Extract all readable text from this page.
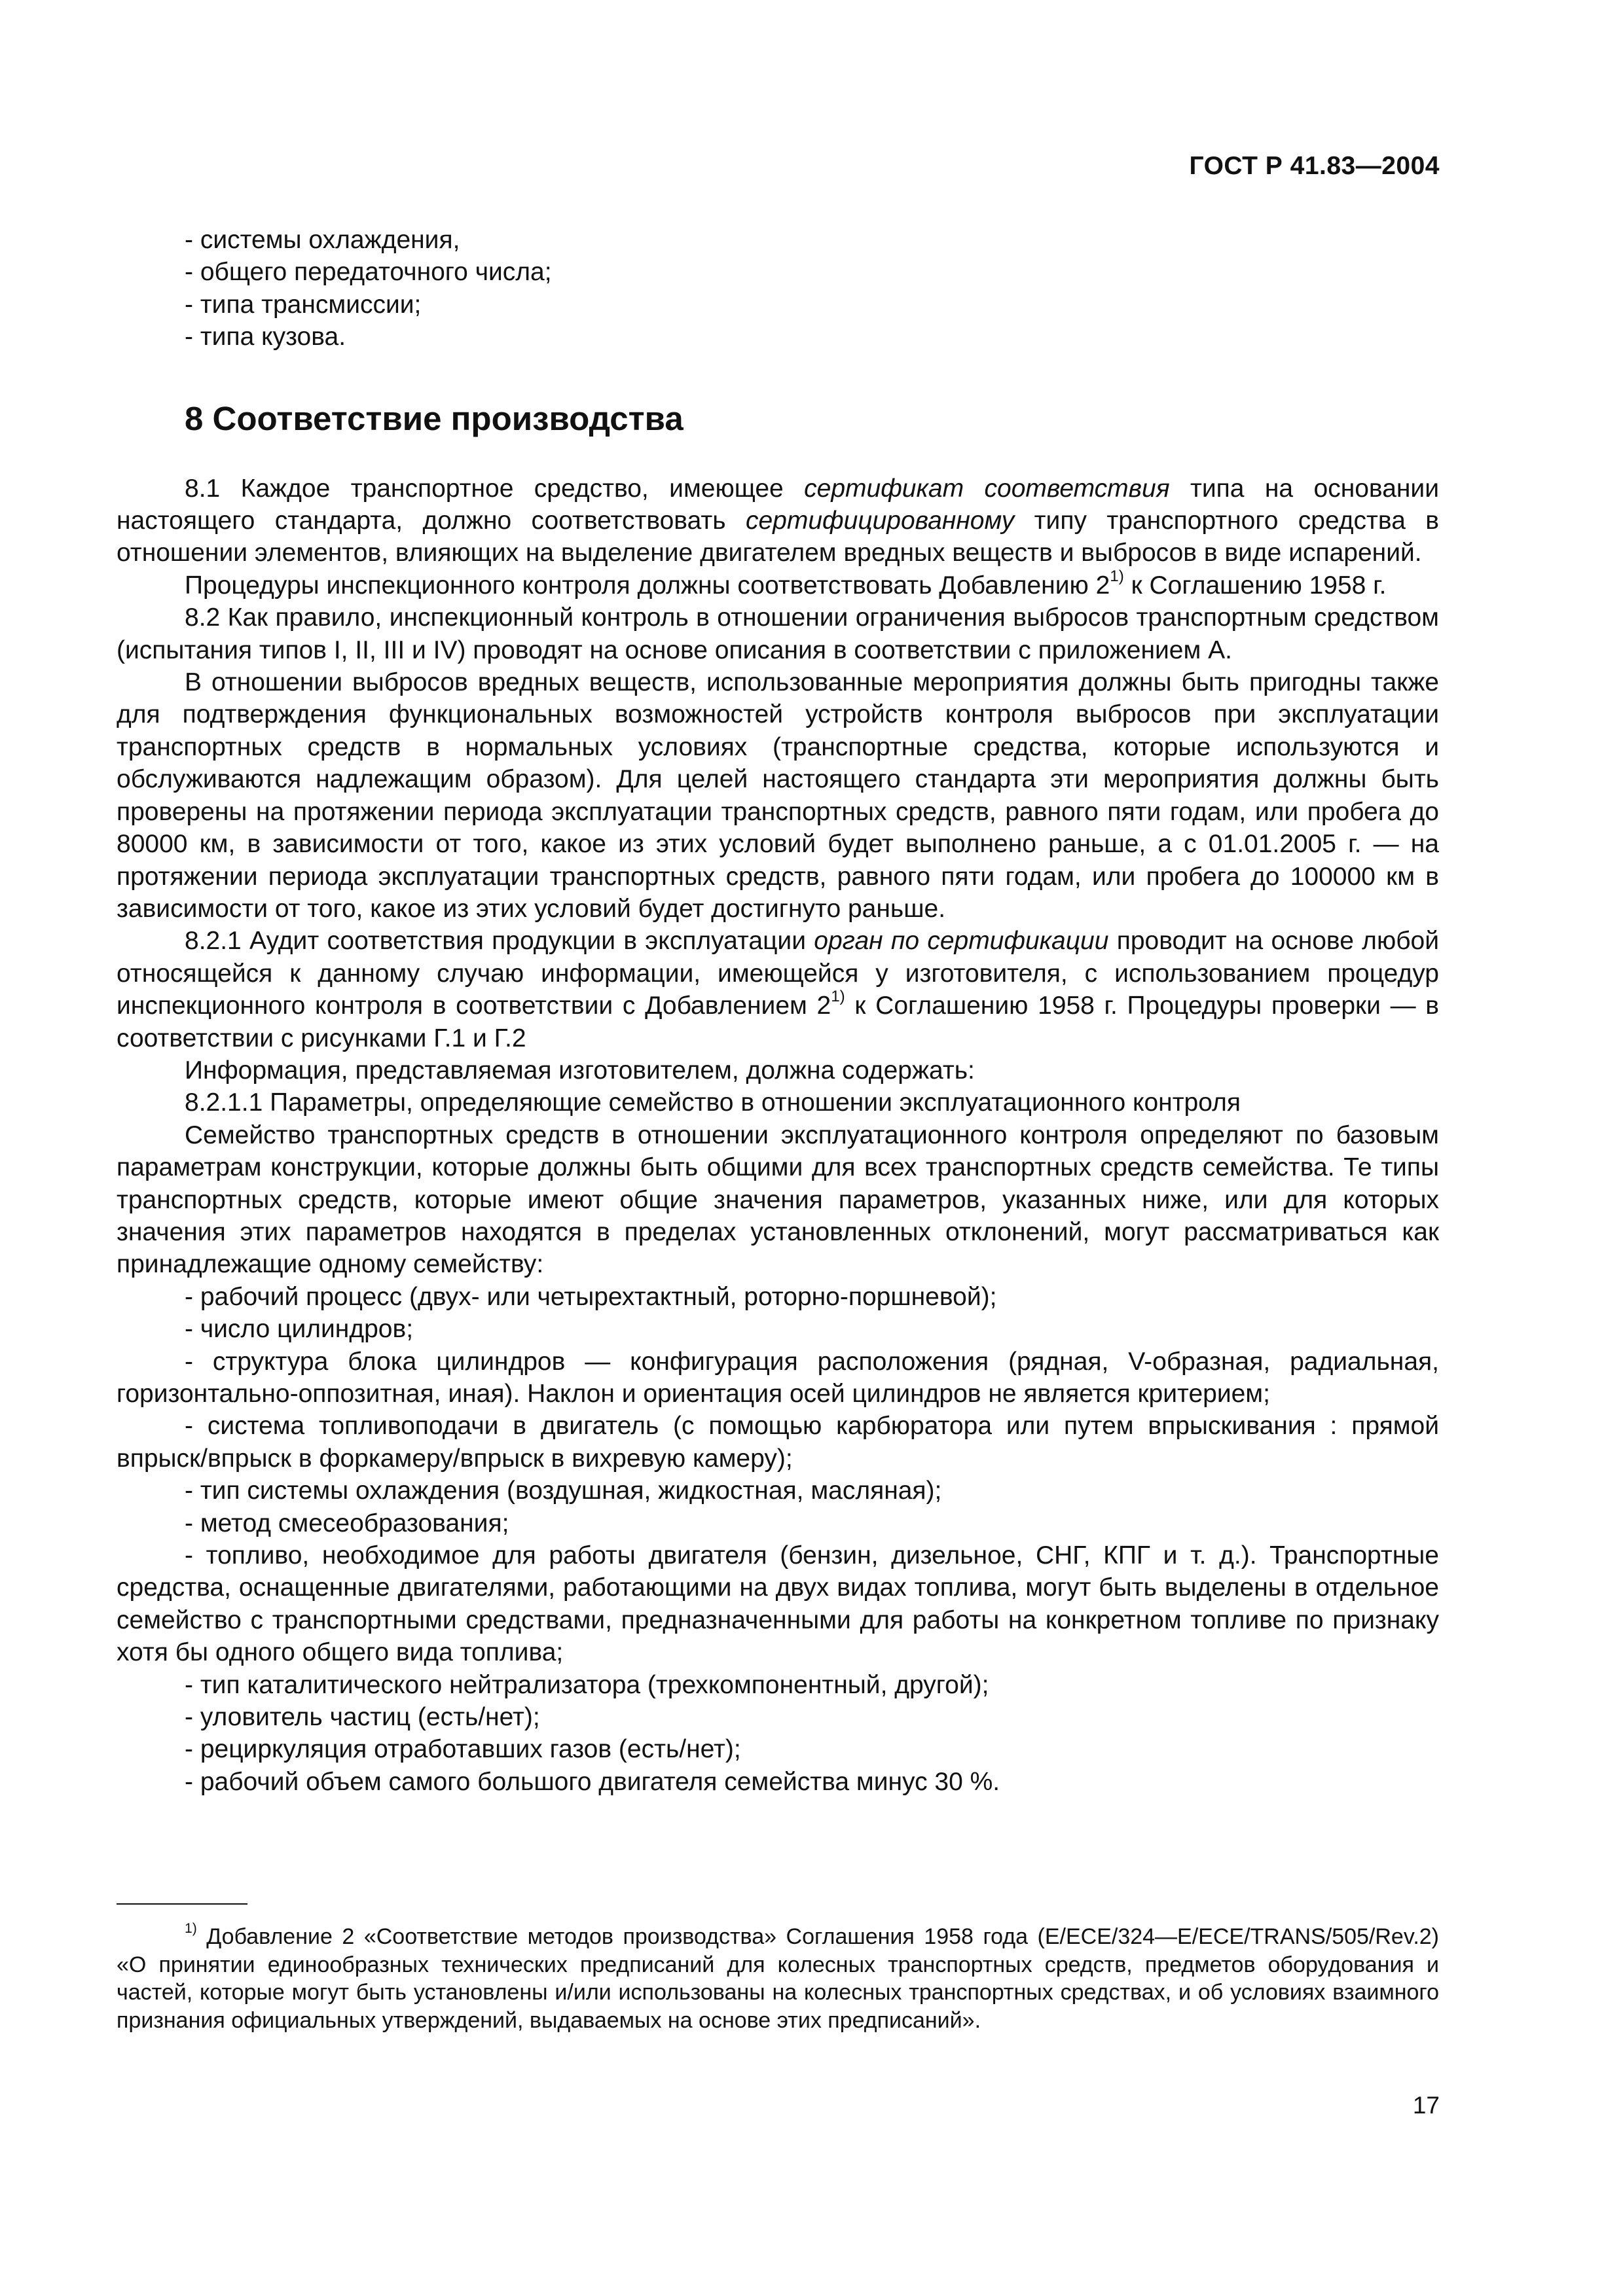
ГОСТ Р 41.83—2004

- системы охлаждения,

- общего передаточного числа;

- типа трансмиссии;

- типа кузова.

8 Соответствие производства

8.1 Каждое транспортное средство, имеющее сертификат соответствия типа на основании настоящего стандарта, должно соответствовать сертифицированному типу транспортного средства в отношении элементов, влияющих на выделение двигателем вредных веществ и выбросов в виде испарений.

Процедуры инспекционного контроля должны соответствовать Добавлению 2$^{1)}$ к Соглашению 1958 г.

8.2 Как правило, инспекционный контроль в отношении ограничения выбросов транспортным средством (испытания типов I, II, III и IV) проводят на основе описания в соответствии с приложением А.

В отношении выбросов вредных веществ, использованные мероприятия должны быть пригодны также для подтверждения функциональных возможностей устройств контроля выбросов при эксплуатации транспортных средств в нормальных условиях (транспортные средства, которые используются и обслуживаются надлежащим образом). Для целей настоящего стандарта эти мероприятия должны быть проверены на протяжении периода эксплуатации транспортных средств, равного пяти годам, или пробега до 80000 км, в зависимости от того, какое из этих условий будет выполнено раньше, а с 01.01.2005 г. — на протяжении периода эксплуатации транспортных средств, равного пяти годам, или пробега до 100000 км в зависимости от того, какое из этих условий будет достигнуто раньше.

8.2.1 Аудит соответствия продукции в эксплуатации орган по сертификации проводит на основе любой относящейся к данному случаю информации, имеющейся у изготовителя, с использованием процедур инспекционного контроля в соответствии с Добавлением 2$^{1)}$ к Соглашению 1958 г. Процедуры проверки — в соответствии с рисунками Г.1 и Г.2

Информация, представляемая изготовителем, должна содержать:

8.2.1.1 Параметры, определяющие семейство в отношении эксплуатационного контроля

Семейство транспортных средств в отношении эксплуатационного контроля определяют по базовым параметрам конструкции, которые должны быть общими для всех транспортных средств семейства. Те типы транспортных средств, которые имеют общие значения параметров, указанных ниже, или для которых значения этих параметров находятся в пределах установленных отклонений, могут рассматриваться как принадлежащие одному семейству:

- рабочий процесс (двух- или четырехтактный, роторно-поршневой);

- число цилиндров;

- структура блока цилиндров — конфигурация расположения (рядная, V-образная, радиальная, горизонтально-оппозитная, иная). Наклон и ориентация осей цилиндров не является критерием;

- система топливоподачи в двигатель (с помощью карбюратора или путем впрыскивания : прямой впрыск/впрыск в форкамеру/впрыск в вихревую камеру);

- тип системы охлаждения (воздушная, жидкостная, масляная);

- метод смесеобразования;

- топливо, необходимое для работы двигателя (бензин, дизельное, СНГ, КПГ и т. д.). Транспортные средства, оснащенные двигателями, работающими на двух видах топлива, могут быть выделены в отдельное семейство с транспортными средствами, предназначенными для работы на конкретном топливе по признаку хотя бы одного общего вида топлива;

- тип каталитического нейтрализатора (трехкомпонентный, другой);

- уловитель частиц (есть/нет);

- рециркуляция отработавших газов (есть/нет);

- рабочий объем самого большого двигателя семейства минус 30 %.

$^{1)}$ Добавление 2 «Соответствие методов производства» Соглашения 1958 года (E/ECE/324—E/ECE/TRANS/505/Rev.2) «О принятии единообразных технических предписаний для колесных транспортных средств, предметов оборудования и частей, которые могут быть установлены и/или использованы на колесных транспортных средствах, и об условиях взаимного признания официальных утверждений, выдаваемых на основе этих предписаний».
17
